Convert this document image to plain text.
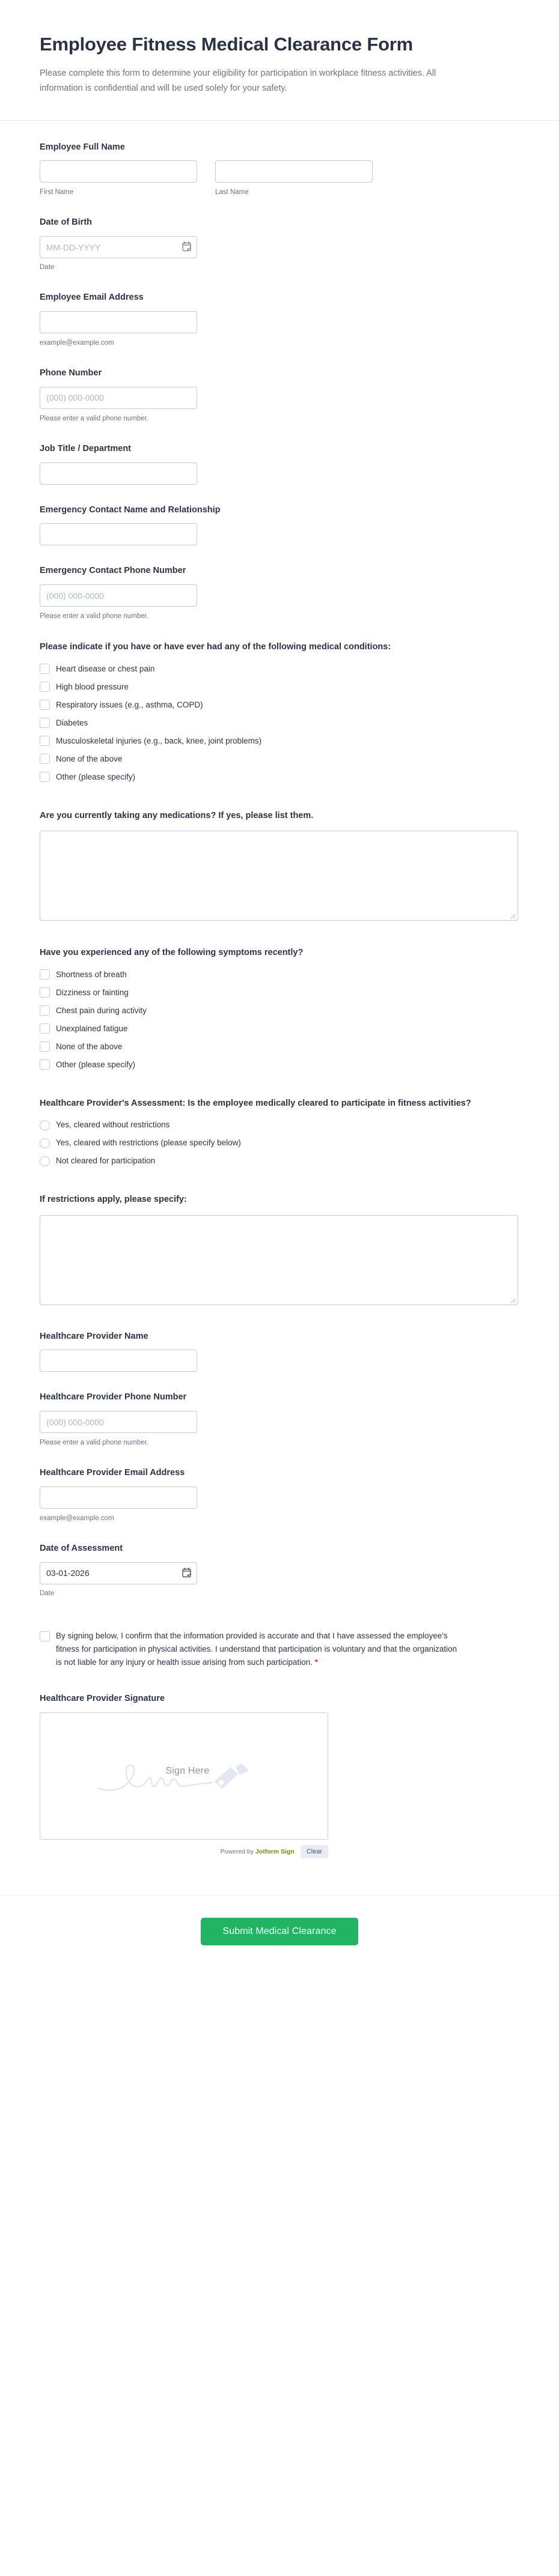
Employee Fitness Medical Clearance Form

Please complete this form to determine your eligibility for participation in workplace fitness activities. All information is confidential and will be used solely for your safety.

Employee Full Name
First Name	Last Name
Date of Birth
MM-DD-YYYY
Date
Employee Email Address
example@example.com
Phone Number
(000) 000-0000
Please enter a valid phone number.
Job Title / Department
Emergency Contact Name and Relationship
Emergency Contact Phone Number
(000) 000-0000
Please enter a valid phone number.
Please indicate if you have or have ever had any of the following medical conditions:
Heart disease or chest pain
High blood pressure
Respiratory issues (e.g., asthma, COPD)
Diabetes
Musculoskeletal injuries (e.g., back, knee, joint problems)
None of the above
Other (please specify)
Are you currently taking any medications? If yes, please list them.
Have you experienced any of the following symptoms recently?
Shortness of breath
Dizziness or fainting
Chest pain during activity
Unexplained fatigue
None of the above
Other (please specify)
Healthcare Provider's Assessment: Is the employee medically cleared to participate in fitness activities?
Yes, cleared without restrictions
Yes, cleared with restrictions (please specify below)
Not cleared for participation
If restrictions apply, please specify:
Healthcare Provider Name
Healthcare Provider Phone Number
(000) 000-0000
Please enter a valid phone number.
Healthcare Provider Email Address
example@example.com
Date of Assessment
03-01-2026
Date
By signing below, I confirm that the information provided is accurate and that I have assessed the employee's fitness for participation in physical activities. I understand that participation is voluntary and that the organization is not liable for any injury or health issue arising from such participation. *
Healthcare Provider Signature
Sign Here
Powered by Jotform Sign	Clear
Submit Medical Clearance
